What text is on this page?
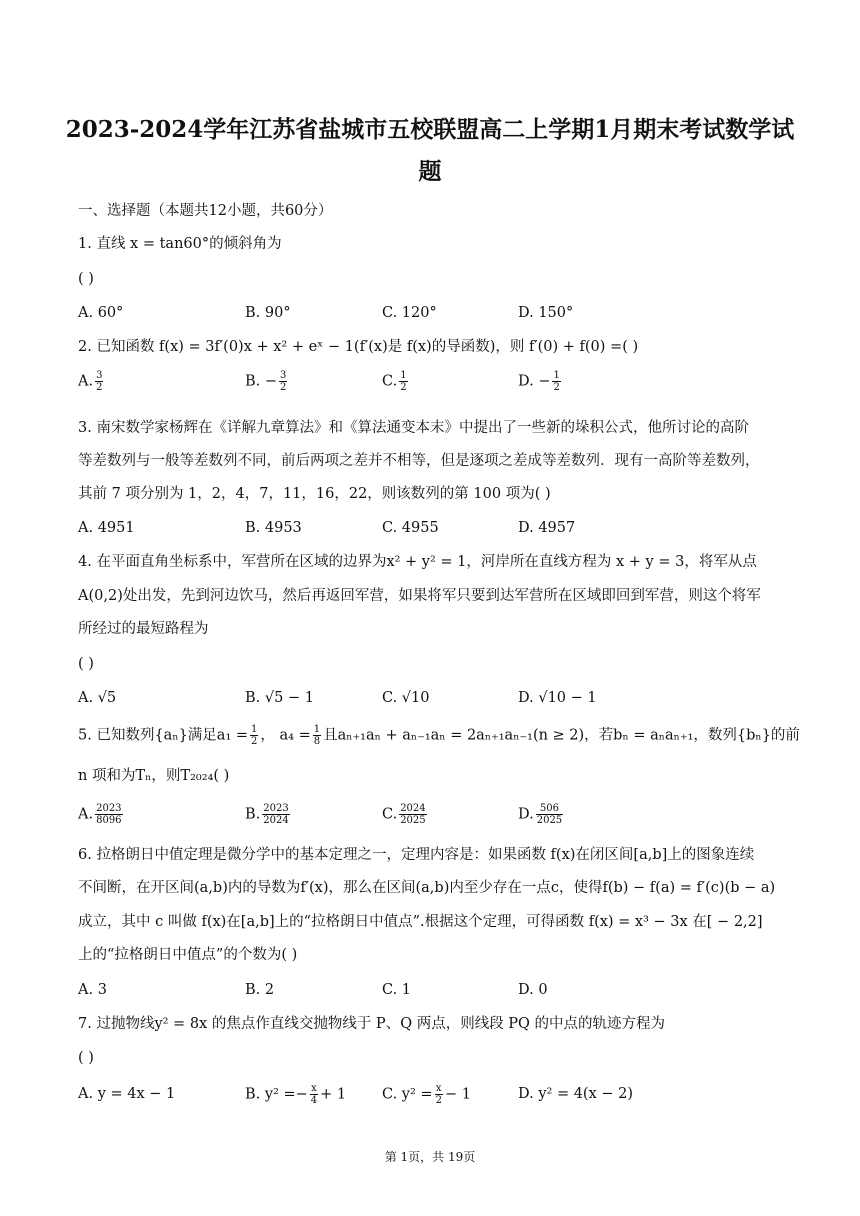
2023-2024学年江苏省盐城市五校联盟高二上学期1月期末考试数学试
题
一、选择题（本题共12小题，共60分）
1. 直线 x = tan60°的倾斜角为
( )
A. 60°	B. 90°	C. 120°	D. 150°
2. 已知函数 f(x) = 3f′(0)x + x² + eˣ − 1(f′(x)是 f(x)的导函数)，则 f′(0) + f(0) =( )
A. $\frac{3}{2}$	B. − $\frac{3}{2}$	C. $\frac{1}{2}$	D. − $\frac{1}{2}$
3. 南宋数学家杨辉在《详解九章算法》和《算法通变本末》中提出了一些新的垛积公式，他所讨论的高阶
等差数列与一般等差数列不同，前后两项之差并不相等，但是逐项之差成等差数列．现有一高阶等差数列，
其前 7 项分别为 1，2，4，7，11，16，22，则该数列的第 100 项为( )
A. 4951	B. 4953	C. 4955	D. 4957
4. 在平面直角坐标系中，军营所在区域的边界为x² + y² = 1，河岸所在直线方程为 x + y = 3，将军从点
A(0,2)处出发，先到河边饮马，然后再返回军营，如果将军只要到达军营所在区域即回到军营，则这个将军
所经过的最短路程为
( )
A. √5	B. √5 − 1	C. √10	D. √10 − 1
5. 已知数列{aₙ}满足$a_1 = \frac{1}{2}$ ， $a_4 = \frac{1}{8}$ 且aₙ₊₁aₙ + aₙ₋₁aₙ = 2aₙ₊₁aₙ₋₁(n ≥ 2)，若bₙ = aₙaₙ₊₁，数列{bₙ}的前
n 项和为Tₙ，则T₂₀₂₄( )
A. $\frac{2023}{8096}$	B. $\frac{2023}{2024}$	C. $\frac{2024}{2025}$	D. $\frac{506}{2025}$
6. 拉格朗日中值定理是微分学中的基本定理之一，定理内容是：如果函数 f(x)在闭区间[a,b]上的图象连续
不间断，在开区间(a,b)内的导数为f′(x)，那么在区间(a,b)内至少存在一点c，使得f(b) − f(a) = f′(c)(b − a)
成立，其中 c 叫做 f(x)在[a,b]上的“拉格朗日中值点”.根据这个定理，可得函数 f(x) = x³ − 3x 在[ − 2,2]
上的“拉格朗日中值点”的个数为( )
A. 3	B. 2	C. 1	D. 0
7. 过抛物线y² = 8x 的焦点作直线交抛物线于 P、Q 两点，则线段 PQ 的中点的轨迹方程为
( )
A. y = 4x − 1	B. $y^2 =- \frac{x}{4} + 1$ C. $y^2 = \frac{x}{2} - 1$	D. y² = 4(x − 2)
第 1页，共 19页
